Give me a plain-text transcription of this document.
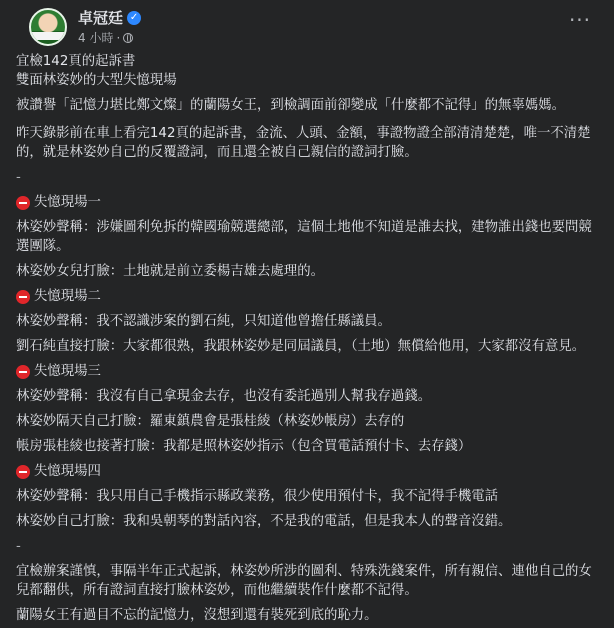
卓冠廷 ✓
4 小時 ·
···

宜檢142頁的起訴書

雙面林姿妙的大型失憶現場

被讚譽「記憶力堪比鄭文燦」的蘭陽女王，到檢調面前卻變成「什麼都不記得」的無辜媽媽。

昨天錄影前在車上看完142頁的起訴書，金流、人頭、金額，事證物證全部清清楚楚，唯一不清楚的，就是林姿妙自己的反覆證詞，而且還全被自己親信的證詞打臉。

-

失憶現場一

林姿妙聲稱：涉嫌圖利免拆的韓國瑜競選總部，這個土地他不知道是誰去找，建物誰出錢也要問競選團隊。

林姿妙女兒打臉：土地就是前立委楊吉雄去處理的。

失憶現場二

林姿妙聲稱：我不認識涉案的劉石純，只知道他曾擔任縣議員。

劉石純直接打臉：大家都很熟，我跟林姿妙是同屆議員，（土地）無償給他用，大家都沒有意見。

失憶現場三

林姿妙聲稱：我沒有自己拿現金去存，也沒有委託過別人幫我存過錢。

林姿妙隔天自己打臉：羅東鎮農會是張桂綾（林姿妙帳房）去存的

帳房張桂綾也接著打臉：我都是照林姿妙指示（包含買電話預付卡、去存錢）

失憶現場四

林姿妙聲稱：我只用自己手機指示縣政業務，很少使用預付卡，我不記得手機電話

林姿妙自己打臉：我和吳朝琴的對話內容，不是我的電話，但是我本人的聲音沒錯。

-

宜檢辦案謹慎，事隔半年正式起訴，林姿妙所涉的圖利、特殊洗錢案件，所有親信、連他自己的女兒都翻供，所有證詞直接打臉林姿妙，而他繼續裝作什麼都不記得。

蘭陽女王有過目不忘的記憶力，沒想到還有裝死到底的恥力。
